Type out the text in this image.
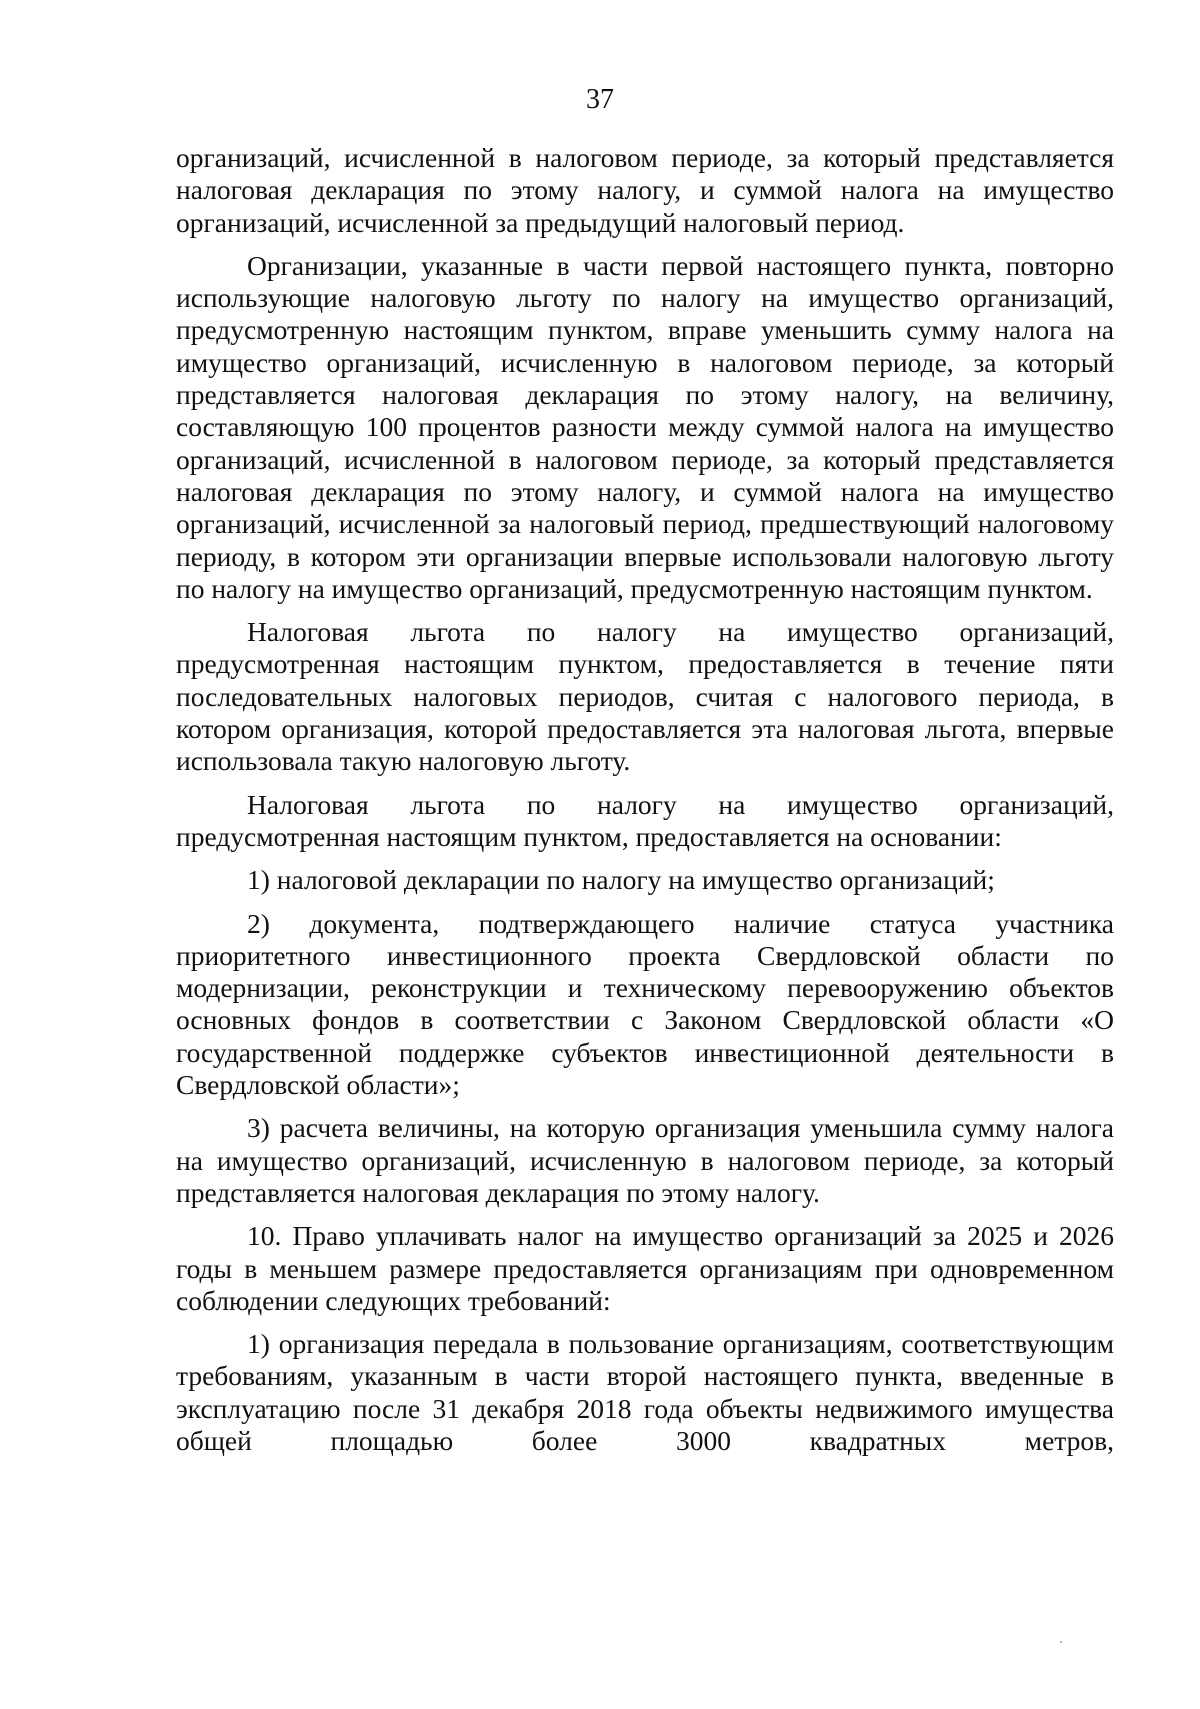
37

организаций, исчисленной в налоговом периоде, за который представляется налоговая декларация по этому налогу, и суммой налога на имущество организаций, исчисленной за предыдущий налоговый период.

Организации, указанные в части первой настоящего пункта, повторно использующие налоговую льготу по налогу на имущество организаций, предусмотренную настоящим пунктом, вправе уменьшить сумму налога на имущество организаций, исчисленную в налоговом периоде, за который представляется налоговая декларация по этому налогу, на величину, составляющую 100 процентов разности между суммой налога на имущество организаций, исчисленной в налоговом периоде, за который представляется налоговая декларация по этому налогу, и суммой налога на имущество организаций, исчисленной за налоговый период, предшествующий налоговому периоду, в котором эти организации впервые использовали налоговую льготу по налогу на имущество организаций, предусмотренную настоящим пунктом.

Налоговая льгота по налогу на имущество организаций, предусмотренная настоящим пунктом, предоставляется в течение пяти последовательных налоговых периодов, считая с налогового периода, в котором организация, которой предоставляется эта налоговая льгота, впервые использовала такую налоговую льготу.

Налоговая льгота по налогу на имущество организаций, предусмотренная настоящим пунктом, предоставляется на основании:

1) налоговой декларации по налогу на имущество организаций;

2) документа, подтверждающего наличие статуса участника приоритетного инвестиционного проекта Свердловской области по модернизации, реконструкции и техническому перевооружению объектов основных фондов в соответствии с Законом Свердловской области «О государственной поддержке субъектов инвестиционной деятельности в Свердловской области»;

3) расчета величины, на которую организация уменьшила сумму налога на имущество организаций, исчисленную в налоговом периоде, за который представляется налоговая декларация по этому налогу.

10. Право уплачивать налог на имущество организаций за 2025 и 2026 годы в меньшем размере предоставляется организациям при одновременном соблюдении следующих требований:

1) организация передала в пользование организациям, соответствующим требованиям, указанным в части второй настоящего пункта, введенные в эксплуатацию после 31 декабря 2018 года объекты недвижимого имущества общей площадью более 3000 квадратных метров,
